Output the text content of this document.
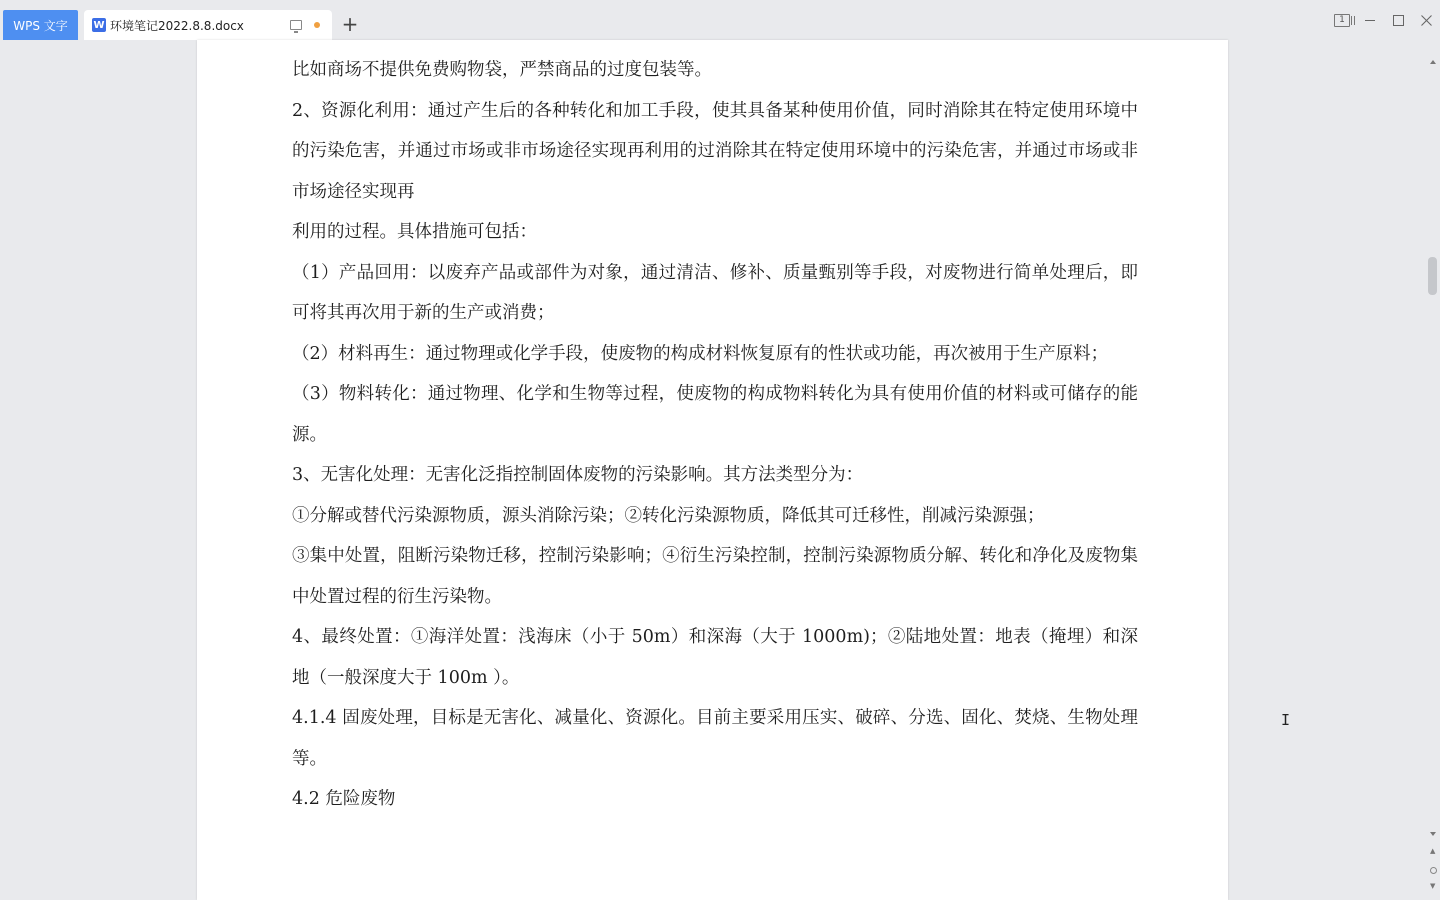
WPS 文字	W 环境笔记2022.8.8.docx	+	1

比如商场不提供免费购物袋，严禁商品的过度包装等。

2、资源化利用：通过产生后的各种转化和加工手段，使其具备某种使用价值，同时消除其在特定使用环境中的污染危害，并通过市场或非市场途径实现再利用的过消除其在特定使用环境中的污染危害，并通过市场或非市场途径实现再

利用的过程。具体措施可包括：

（1）产品回用：以废弃产品或部件为对象，通过清洁、修补、质量甄别等手段，对废物进行简单处理后，即可将其再次用于新的生产或消费；

（2）材料再生：通过物理或化学手段，使废物的构成材料恢复原有的性状或功能，再次被用于生产原料；

（3）物料转化：通过物理、化学和生物等过程，使废物的构成物料转化为具有使用价值的材料或可储存的能源。

3、无害化处理：无害化泛指控制固体废物的污染影响。其方法类型分为：

①分解或替代污染源物质，源头消除污染；②转化污染源物质，降低其可迁移性，削减污染源强；

③集中处置，阻断污染物迁移，控制污染影响；④衍生污染控制，控制污染源物质分解、转化和净化及废物集中处置过程的衍生污染物。

4、最终处置：①海洋处置：浅海床（小于 50m）和深海（大于 1000m)；②陆地处置：地表（掩埋）和深地（一般深度大于 100m ）。

4.1.4 固废处理，目标是无害化、减量化、资源化。目前主要采用压实、破碎、分选、固化、焚烧、生物处理等。

4.2 危险废物

▲
▼
I
